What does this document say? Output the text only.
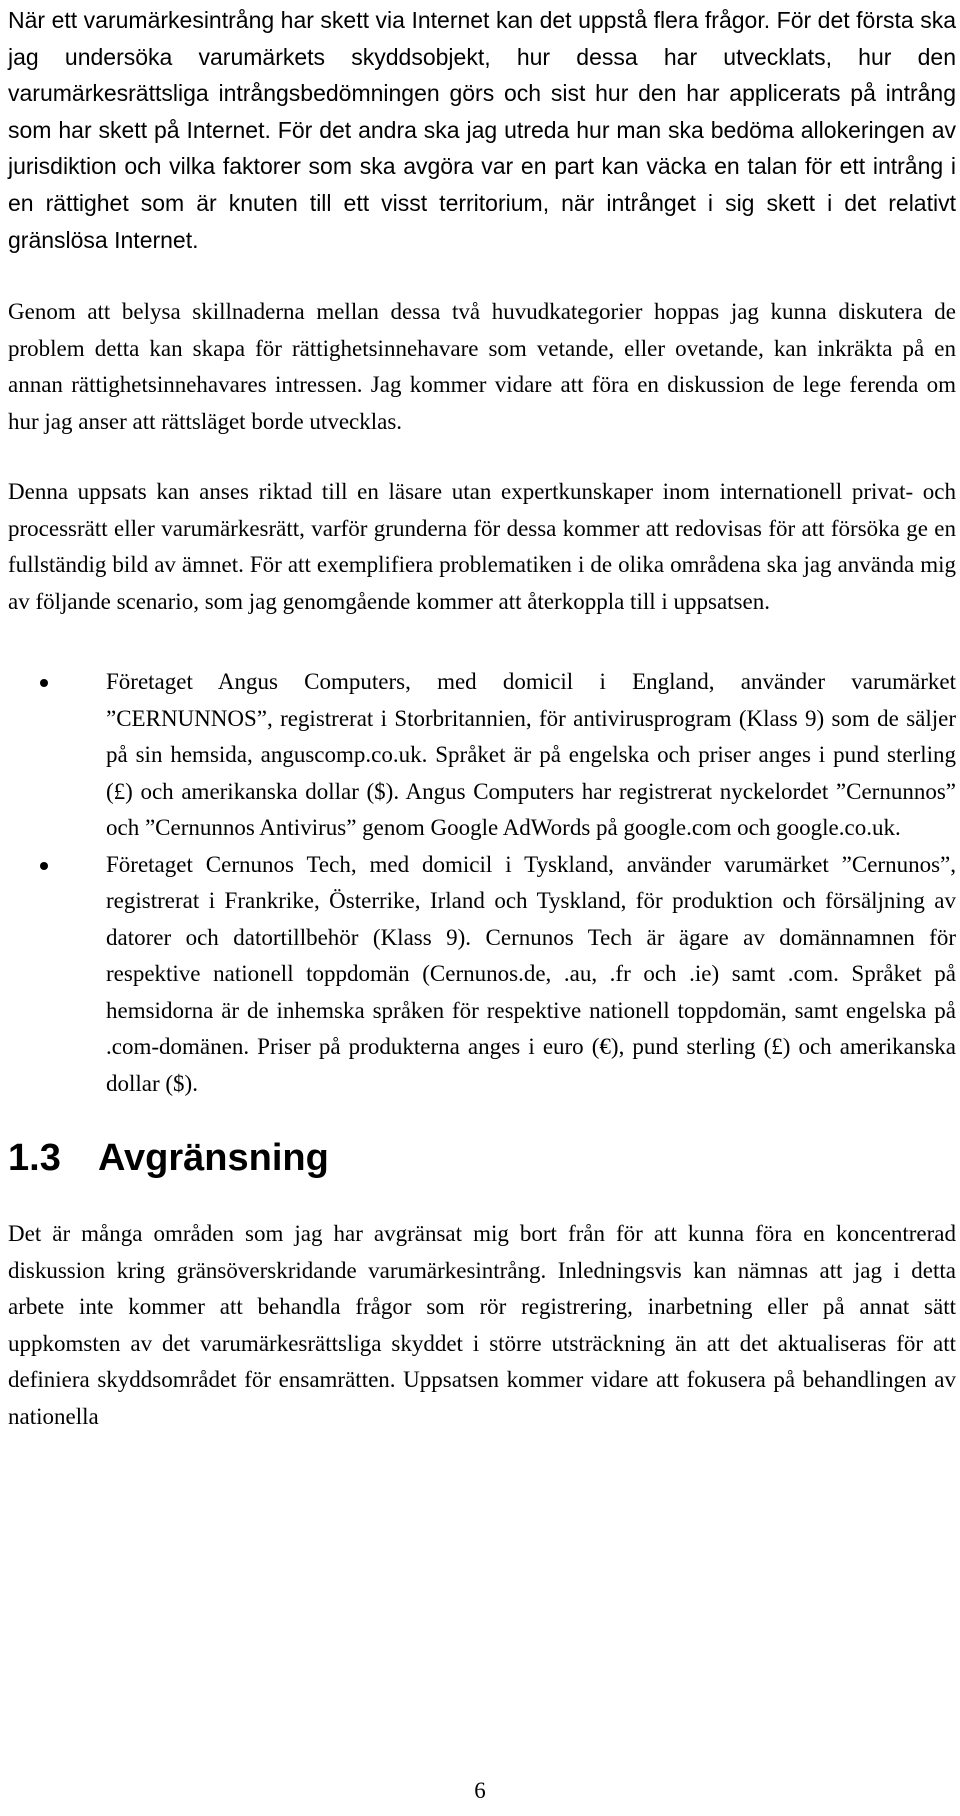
När ett varumärkesintrång har skett via Internet kan det uppstå flera frågor. För det första ska jag undersöka varumärkets skyddsobjekt, hur dessa har utvecklats, hur den varumärkesrättsliga intrångsbedömningen görs och sist hur den har applicerats på intrång som har skett på Internet. För det andra ska jag utreda hur man ska bedöma allokeringen av jurisdiktion och vilka faktorer som ska avgöra var en part kan väcka en talan för ett intrång i en rättighet som är knuten till ett visst territorium, när intrånget i sig skett i det relativt gränslösa Internet.

Genom att belysa skillnaderna mellan dessa två huvudkategorier hoppas jag kunna diskutera de problem detta kan skapa för rättighetsinnehavare som vetande, eller ovetande, kan inkräkta på en annan rättighetsinnehavares intressen. Jag kommer vidare att föra en diskussion de lege ferenda om hur jag anser att rättsläget borde utvecklas.

Denna uppsats kan anses riktad till en läsare utan expertkunskaper inom internationell privat- och processrätt eller varumärkesrätt, varför grunderna för dessa kommer att redovisas för att försöka ge en fullständig bild av ämnet. För att exemplifiera problematiken i de olika områdena ska jag använda mig av följande scenario, som jag genomgående kommer att återkoppla till i uppsatsen.

Företaget Angus Computers, med domicil i England, använder varumärket ”CERNUNNOS”, registrerat i Storbritannien, för antivirusprogram (Klass 9) som de säljer på sin hemsida, anguscomp.co.uk. Språket är på engelska och priser anges i pund sterling (£) och amerikanska dollar ($). Angus Computers har registrerat nyckelordet ”Cernunnos” och ”Cernunnos Antivirus” genom Google AdWords på google.com och google.co.uk.
Företaget Cernunos Tech, med domicil i Tyskland, använder varumärket ”Cernunos”, registrerat i Frankrike, Österrike, Irland och Tyskland, för produktion och försäljning av datorer och datortillbehör (Klass 9). Cernunos Tech är ägare av domännamnen för respektive nationell toppdomän (Cernunos.de, .au, .fr och .ie) samt .com. Språket på hemsidorna är de inhemska språken för respektive nationell toppdomän, samt engelska på .com-domänen. Priser på produkterna anges i euro (€), pund sterling (£) och amerikanska dollar ($).
1.3 Avgränsning

Det är många områden som jag har avgränsat mig bort från för att kunna föra en koncentrerad diskussion kring gränsöverskridande varumärkesintrång. Inledningsvis kan nämnas att jag i detta arbete inte kommer att behandla frågor som rör registrering, inarbetning eller på annat sätt uppkomsten av det varumärkesrättsliga skyddet i större utsträckning än att det aktualiseras för att definiera skyddsområdet för ensamrätten. Uppsatsen kommer vidare att fokusera på behandlingen av nationella

6
